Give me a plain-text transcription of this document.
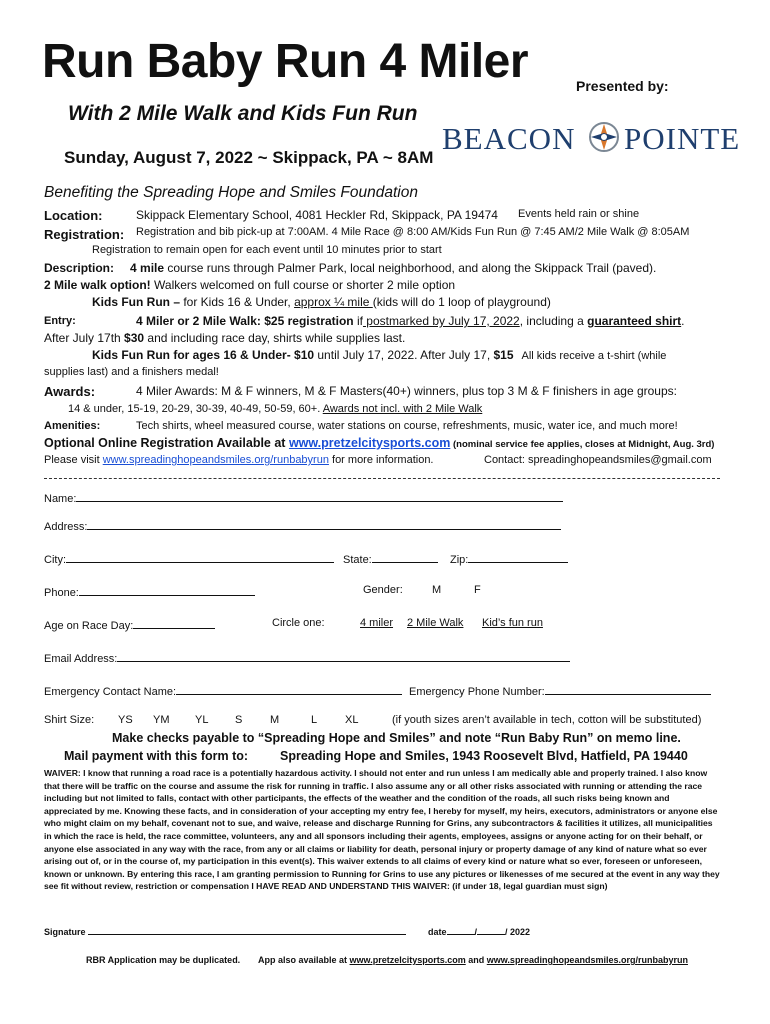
Run Baby Run 4 Miler	Presented by:
With 2 Mile Walk and Kids Fun Run
Sunday, August 7, 2022 ~ Skippack, PA ~ 8AM
BEACON POINTE
Benefiting the Spreading Hope and Smiles Foundation
Location:	Skippack Elementary School, 4081 Heckler Rd, Skippack, PA 19474 Events held rain or shine
Registration: Registration and bib pick-up at 7:00AM. 4 Mile Race @ 8:00 AM/Kids Fun Run @ 7:45 AM/2 Mile Walk @ 8:05AM
Registration to remain open for each event until 10 minutes prior to start
Description: 4 mile course runs through Palmer Park, local neighborhood, and along the Skippack Trail (paved).
2 Mile walk option! Walkers welcomed on full course or shorter 2 mile option
Kids Fun Run – for Kids 16 & Under, approx ¼ mile (kids will do 1 loop of playground)
Entry:	4 Miler or 2 Mile Walk: $25 registration if postmarked by July 17, 2022, including a guaranteed shirt.
After July 17th $30 and including race day, shirts while supplies last.
Kids Fun Run for ages 16 & Under- $10 until July 17, 2022. After July 17, $15 All kids receive a t-shirt (while
supplies last) and a finishers medal!
Awards:	4 Miler Awards: M & F winners, M & F Masters(40+) winners, plus top 3 M & F finishers in age groups:
14 & under, 15-19, 20-29, 30-39, 40-49, 50-59, 60+. Awards not incl. with 2 Mile Walk
Amenities:	Tech shirts, wheel measured course, water stations on course, refreshments, music, water ice, and much more!
Optional Online Registration Available at www.pretzelcitysports.com (nominal service fee applies, closes at Midnight, Aug. 3rd)
Please visit www.spreadinghopeandsmiles.org/runbabyrun for more information.	Contact: spreadinghopeandsmiles@gmail.com
Name:
Address:
City:	State:	Zip:
Phone:	Gender:	M	F
Age on Race Day:	Circle one:	4 miler 2 Mile Walk Kid’s fun run
Email Address:
Emergency Contact Name:	Emergency Phone Number:
Shirt Size: YS YM YL S	M	L	XL	(if youth sizes aren’t available in tech, cotton will be substituted)
Make checks payable to “Spreading Hope and Smiles” and note “Run Baby Run” on memo line.
Mail payment with this form to:	Spreading Hope and Smiles, 1943 Roosevelt Blvd, Hatfield, PA 19440
WAIVER: I know that running a road race is a potentially hazardous activity. I should not enter and run unless I am medically able and properly trained. I also know that there will be traffic on the course and assume the risk for running in traffic. I also assume any or all other risks associated with running or attending the race including but not limited to falls, contact with other participants, the effects of the weather and the condition of the roads, all such risks being known and appreciated by me. Knowing these facts, and in consideration of your accepting my entry fee, I hereby for myself, my heirs, executors, administrators or anyone else who might claim on my behalf, covenant not to sue, and waive, release and discharge Running for Grins, any subcontractors & facilities it utilizes, all municipalities in which the race is held, the race committee, volunteers, any and all sponsors including their agents, employees, assigns or anyone acting for on their behalf, or anyone else associated in any way with the race, from any or all claims or liability for death, personal injury or property damage of any kind of nature what so ever arising out of, or in the course of, my participation in this event(s). This waiver extends to all claims of every kind or nature what so ever, foreseen or unforeseen, known or unknown. By entering this race, I am granting permission to Running for Grins to use any pictures or likenesses of me secured at the event in any way they see fit without review, restriction or compensation I HAVE READ AND UNDERSTAND THIS WAIVER: (if under 18, legal guardian must sign)
Signature	date	/	/ 2022
RBR Application may be duplicated. App also available at www.pretzelcitysports.com and www.spreadinghopeandsmiles.org/runbabyrun
